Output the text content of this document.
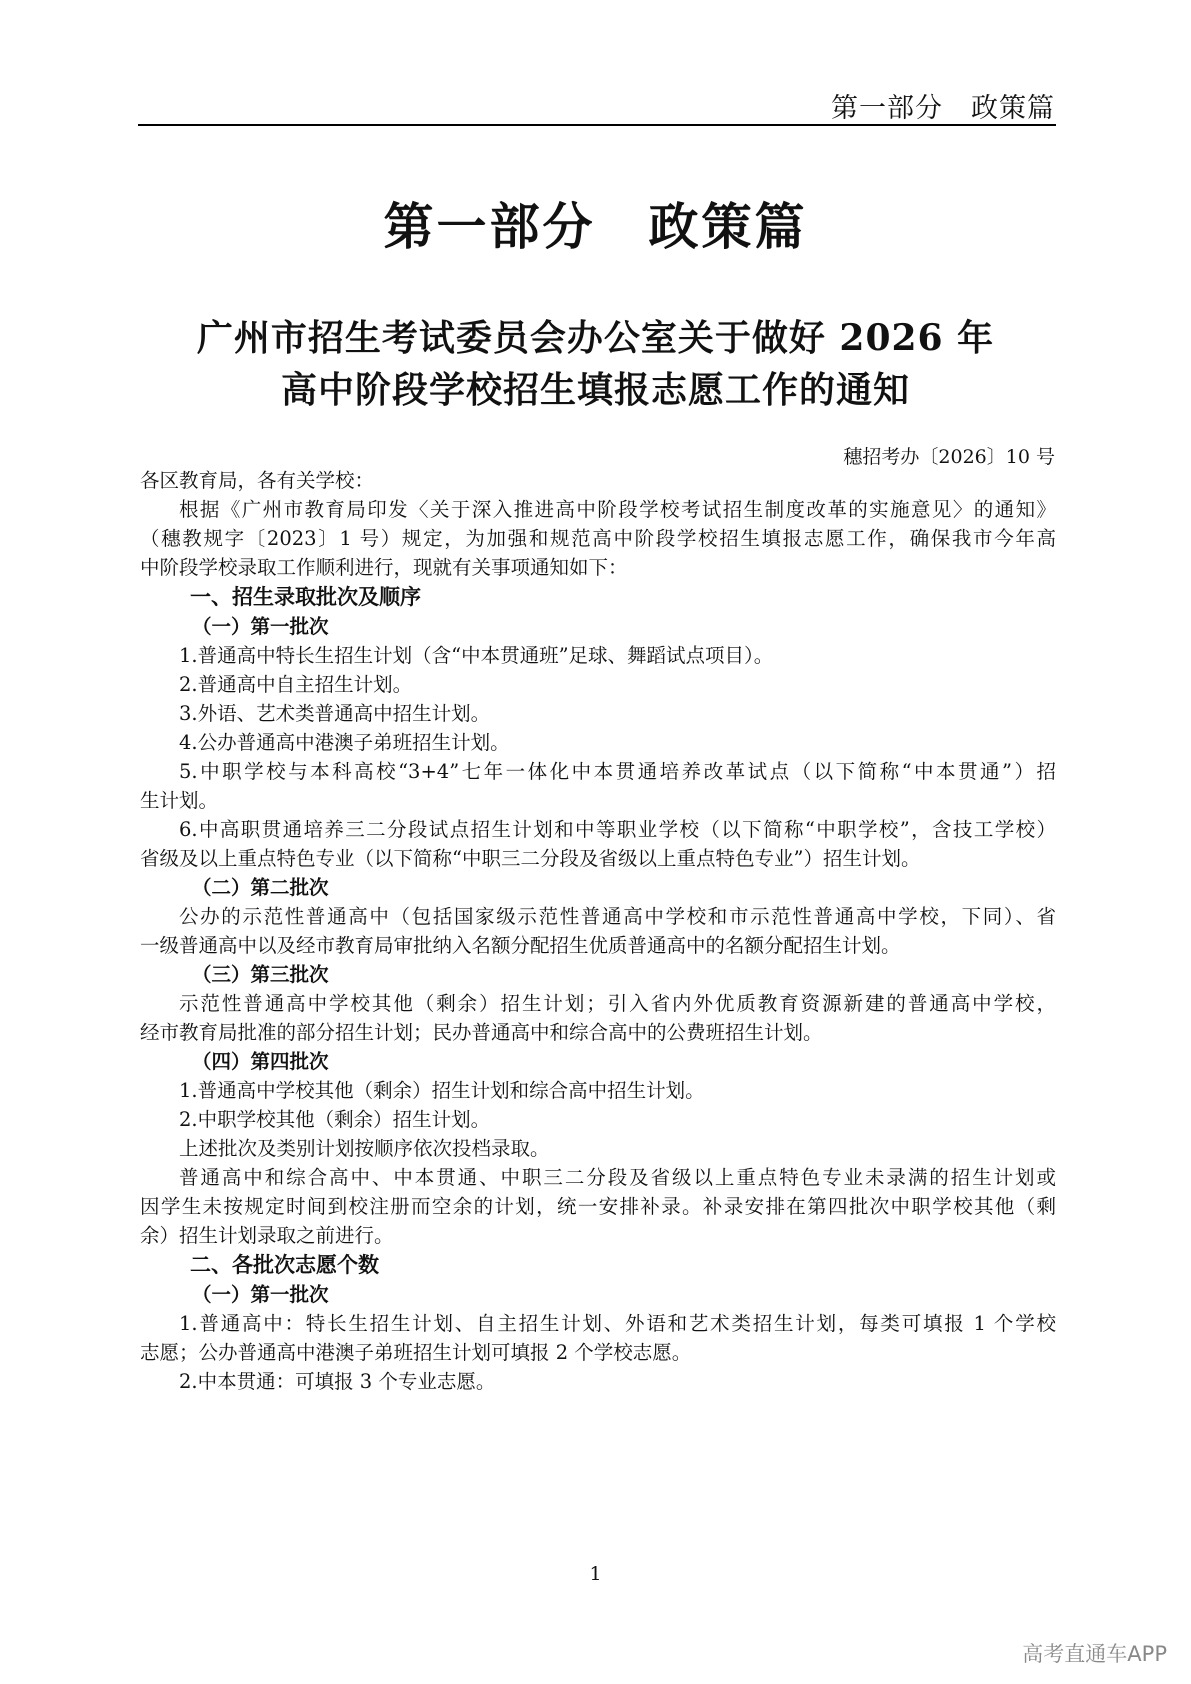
第一部分　政策篇
第一部分　政策篇
广州市招生考试委员会办公室关于做好 2026 年
高中阶段学校招生填报志愿工作的通知
穗招考办〔2026〕10 号
各区教育局，各有关学校：
根据《广州市教育局印发〈关于深入推进高中阶段学校考试招生制度改革的实施意见〉的通知》
（穗教规字〔2023〕1 号）规定，为加强和规范高中阶段学校招生填报志愿工作，确保我市今年高
中阶段学校录取工作顺利进行，现就有关事项通知如下：
一、招生录取批次及顺序
（一）第一批次
1.普通高中特长生招生计划（含“中本贯通班”足球、舞蹈试点项目）。
2.普通高中自主招生计划。
3.外语、艺术类普通高中招生计划。
4.公办普通高中港澳子弟班招生计划。
5.中职学校与本科高校“3+4”七年一体化中本贯通培养改革试点（以下简称“中本贯通”）招
生计划。
6.中高职贯通培养三二分段试点招生计划和中等职业学校（以下简称“中职学校”，含技工学校）
省级及以上重点特色专业（以下简称“中职三二分段及省级以上重点特色专业”）招生计划。
（二）第二批次
公办的示范性普通高中（包括国家级示范性普通高中学校和市示范性普通高中学校，下同）、省
一级普通高中以及经市教育局审批纳入名额分配招生优质普通高中的名额分配招生计划。
（三）第三批次
示范性普通高中学校其他（剩余）招生计划；引入省内外优质教育资源新建的普通高中学校，
经市教育局批准的部分招生计划；民办普通高中和综合高中的公费班招生计划。
（四）第四批次
1.普通高中学校其他（剩余）招生计划和综合高中招生计划。
2.中职学校其他（剩余）招生计划。
上述批次及类别计划按顺序依次投档录取。
普通高中和综合高中、中本贯通、中职三二分段及省级以上重点特色专业未录满的招生计划或
因学生未按规定时间到校注册而空余的计划，统一安排补录。补录安排在第四批次中职学校其他（剩
余）招生计划录取之前进行。
二、各批次志愿个数
（一）第一批次
1.普通高中：特长生招生计划、自主招生计划、外语和艺术类招生计划，每类可填报 1 个学校
志愿；公办普通高中港澳子弟班招生计划可填报 2 个学校志愿。
2.中本贯通：可填报 3 个专业志愿。
1
高考直通车APP
